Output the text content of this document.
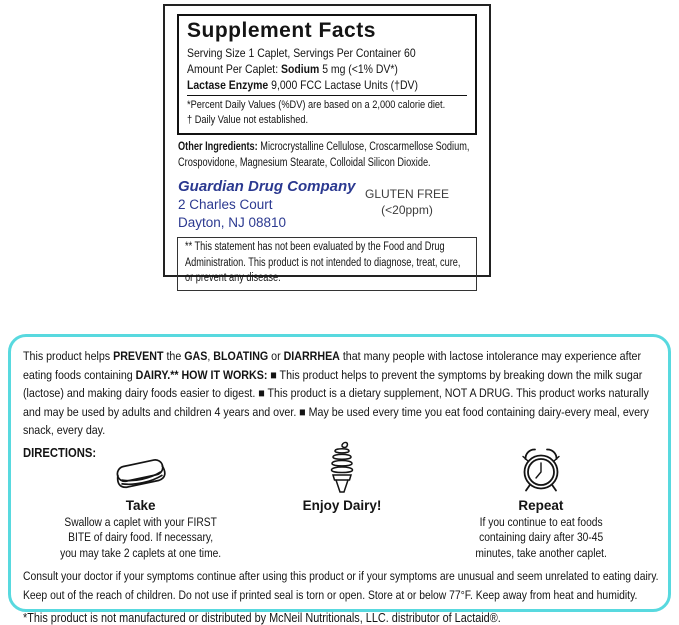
Supplement Facts
Serving Size 1 Caplet, Servings Per Container 60
Amount Per Caplet: Sodium 5 mg (<1% DV*)
Lactase Enzyme 9,000 FCC Lactase Units (†DV)
*Percent Daily Values (%DV) are based on a 2,000 calorie diet.
† Daily Value not established.
Other Ingredients: Microcrystalline Cellulose, Croscarmellose Sodium, Crospovidone, Magnesium Stearate, Colloidal Silicon Dioxide.
Guardian Drug Company
2 Charles Court
Dayton, NJ 08810
GLUTEN FREE
(<20ppm)
** This statement has not been evaluated by the Food and Drug Administration. This product is not intended to diagnose, treat, cure, or prevent any disease.
This product helps PREVENT the GAS, BLOATING or DIARRHEA that many people with lactose intolerance may experience after eating foods containing DAIRY.** HOW IT WORKS: ■ This product helps to prevent the symptoms by breaking down the milk sugar (lactose) and making dairy foods easier to digest. ■ This product is a dietary supplement, NOT A DRUG. This product works naturally and may be used by adults and children 4 years and over. ■ May be used every time you eat food containing dairy-every meal, every snack, every day.
DIRECTIONS:
Take
Swallow a caplet with your FIRST
BITE of dairy food. If necessary,
you may take 2 caplets at one time.
Enjoy Dairy!	Repeat
If you continue to eat foods
containing dairy after 30-45
minutes, take another caplet.
Consult your doctor if your symptoms continue after using this product or if your symptoms are unusual and seem unrelated to eating dairy. Keep out of the reach of children. Do not use if printed seal is torn or open. Store at or below 77°F. Keep away from heat and humidity.
*This product is not manufactured or distributed by McNeil Nutritionals, LLC. distributor of Lactaid®.
